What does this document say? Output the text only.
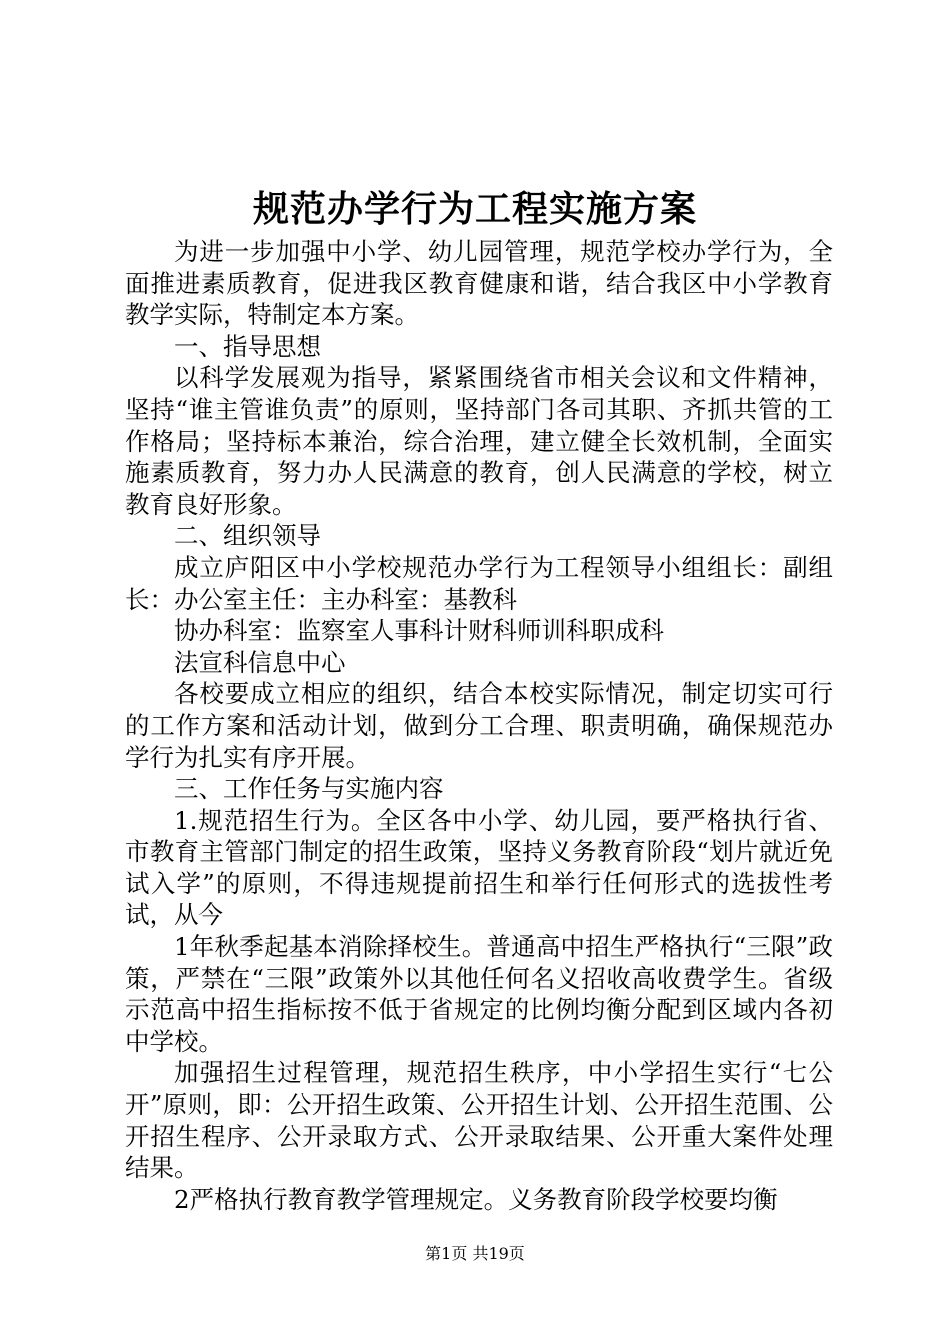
规范办学行为工程实施方案

为进一步加强中小学、幼儿园管理，规范学校办学行为，全面推进素质教育，促进我区教育健康和谐，结合我区中小学教育教学实际，特制定本方案。

一、指导思想

以科学发展观为指导，紧紧围绕省市相关会议和文件精神，坚持“谁主管谁负责”的原则，坚持部门各司其职、齐抓共管的工作格局；坚持标本兼治，综合治理，建立健全长效机制，全面实施素质教育，努力办人民满意的教育，创人民满意的学校，树立教育良好形象。

二、组织领导

成立庐阳区中小学校规范办学行为工程领导小组组长：副组长：办公室主任：主办科室：基教科

协办科室：监察室人事科计财科师训科职成科

法宣科信息中心

各校要成立相应的组织，结合本校实际情况，制定切实可行的工作方案和活动计划，做到分工合理、职责明确，确保规范办学行为扎实有序开展。

三、工作任务与实施内容

1.规范招生行为。全区各中小学、幼儿园，要严格执行省、市教育主管部门制定的招生政策，坚持义务教育阶段“划片就近免试入学”的原则，不得违规提前招生和举行任何形式的选拔性考试，从今

1年秋季起基本消除择校生。普通高中招生严格执行“三限”政策，严禁在“三限”政策外以其他任何名义招收高收费学生。省级示范高中招生指标按不低于省规定的比例均衡分配到区域内各初中学校。

加强招生过程管理，规范招生秩序，中小学招生实行“七公开”原则，即：公开招生政策、公开招生计划、公开招生范围、公开招生程序、公开录取方式、公开录取结果、公开重大案件处理结果。

2严格执行教育教学管理规定。义务教育阶段学校要均衡

第1页 共19页
